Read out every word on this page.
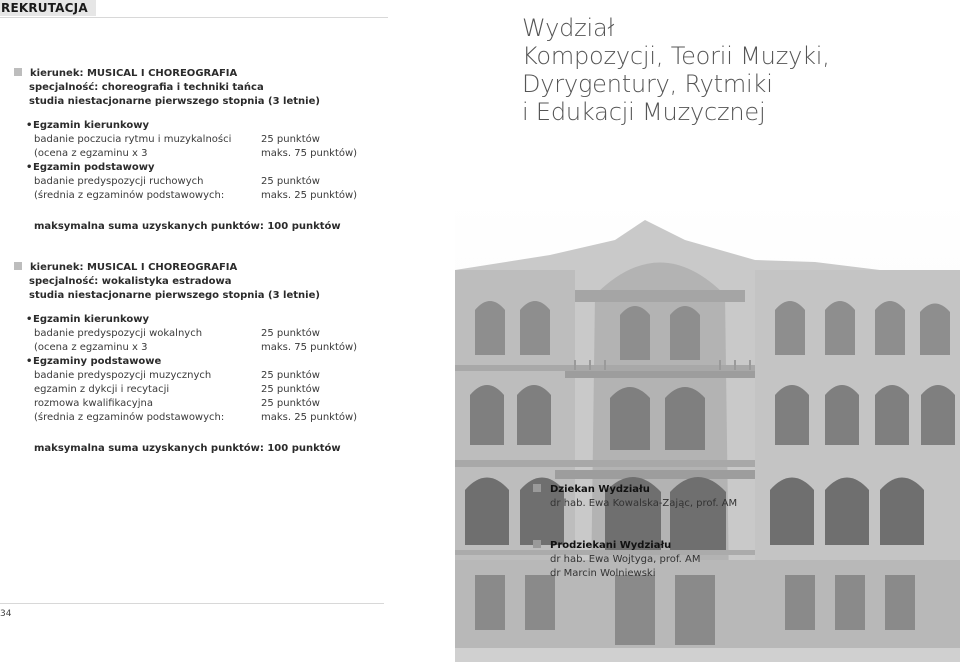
REKRUTACJA
Wydział
Kompozycji, Teorii Muzyki,
Dyrygentury, Rytmiki
i Edukacji Muzycznej
kierunek: MUSICAL I CHOREOGRAFIA
specjalność: choreografia i techniki tańca
studia niestacjonarne pierwszego stopnia (3 letnie)
• Egzamin kierunkowy
badanie poczucia rytmu i muzykalności	25 punktów
(ocena z egzaminu x 3	maks. 75 punktów)
• Egzamin podstawowy
badanie predyspozycji ruchowych	25 punktów
(średnia z egzaminów podstawowych:	maks. 25 punktów)
maksymalna suma uzyskanych punktów: 100 punktów
kierunek: MUSICAL I CHOREOGRAFIA
specjalność: wokalistyka estradowa
studia niestacjonarne pierwszego stopnia (3 letnie)
• Egzamin kierunkowy
badanie predyspozycji wokalnych	25 punktów
(ocena z egzaminu x 3	maks. 75 punktów)
• Egzaminy podstawowe
badanie predyspozycji muzycznych	25 punktów
egzamin z dykcji i recytacji	25 punktów
rozmowa kwalifikacyjna	25 punktów
(średnia z egzaminów podstawowych:	maks. 25 punktów)
maksymalna suma uzyskanych punktów: 100 punktów
Dziekan Wydziału
dr hab. Ewa Kowalska-Zając, prof. AM
Prodziekani Wydziału
dr hab. Ewa Wojtyga, prof. AM
dr Marcin Wolniewski
34
